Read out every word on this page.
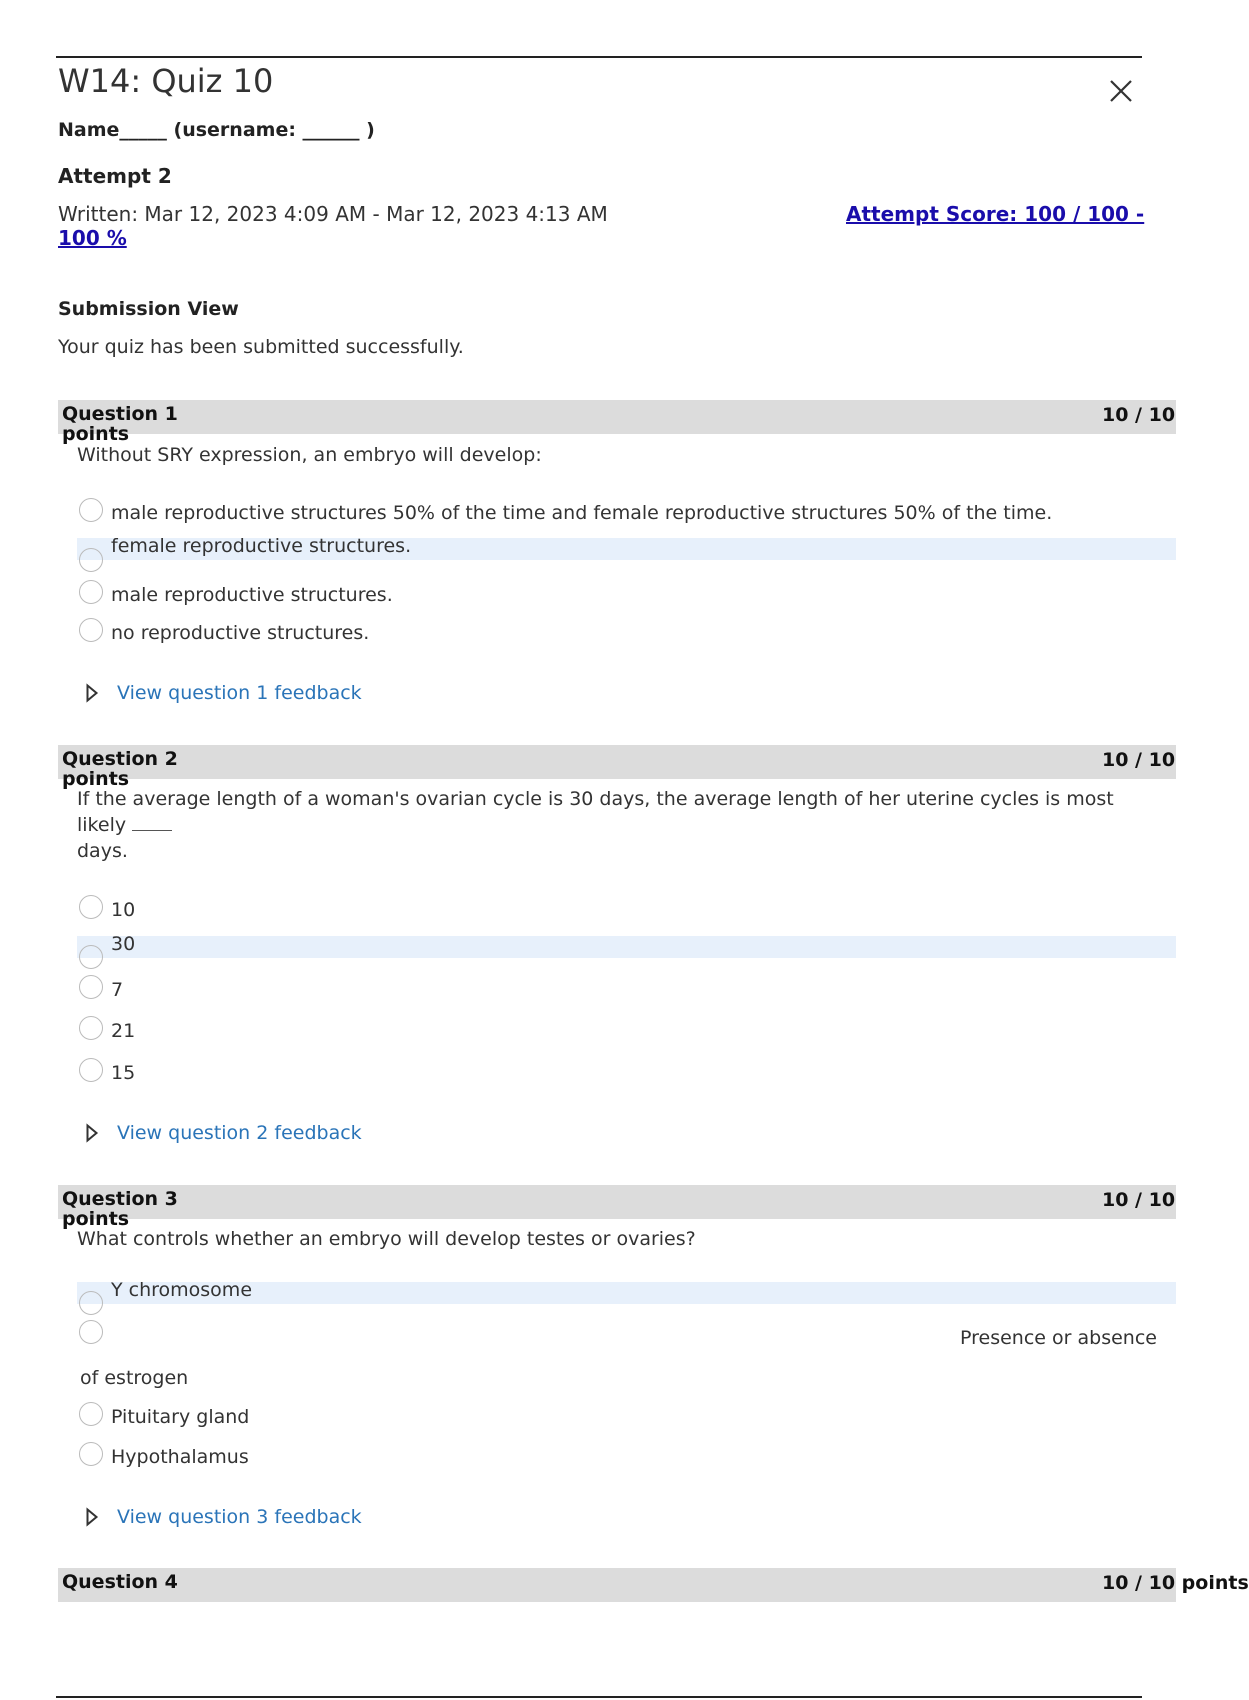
W14: Quiz 10
Name_____ (username: ______ )
Attempt 2
Written: Mar 12, 2023 4:09 AM - Mar 12, 2023 4:13 AM	Attempt Score: 100 / 100 -
100 %
Submission View
Your quiz has been submitted successfully.
Question 1
points
10 / 10
Without SRY expression, an embryo will develop:
male reproductive structures 50% of the time and female reproductive structures 50% of the time.
female reproductive structures.
male reproductive structures.
no reproductive structures.
View question 1 feedback
Question 2
points
10 / 10
If the average length of a woman's ovarian cycle is 30 days, the average length of her uterine cycles is most
likely
days.
10
30
7
21
15
View question 2 feedback
Question 3
points
10 / 10
What controls whether an embryo will develop testes or ovaries?
Y chromosome
Presence or absence
of estrogen
Pituitary gland
Hypothalamus
View question 3 feedback
Question 4	10 / 10 points
